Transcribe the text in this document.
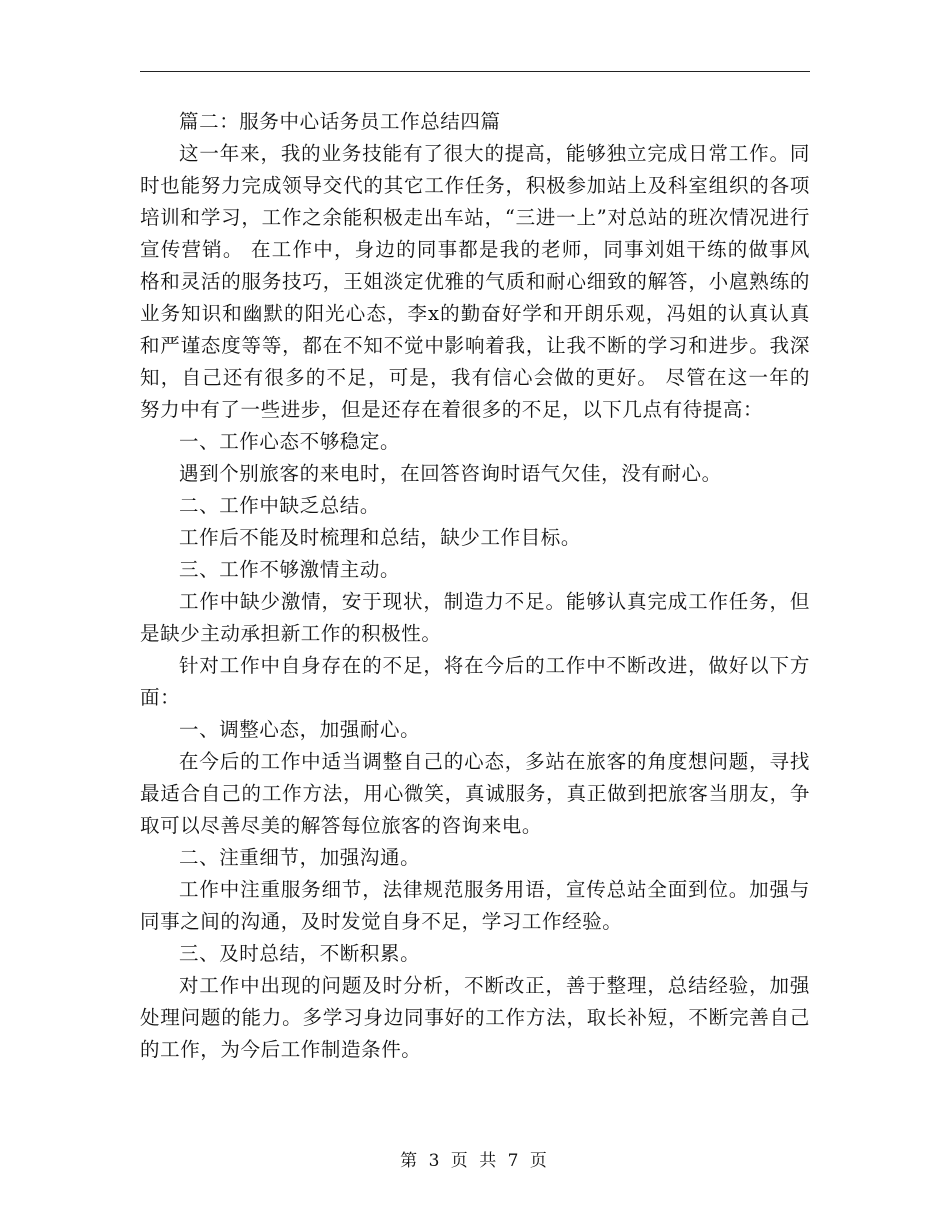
篇二：服务中心话务员工作总结四篇

这一年来，我的业务技能有了很大的提高，能够独立完成日常工作。同时也能努力完成领导交代的其它工作任务，积极参加站上及科室组织的各项培训和学习，工作之余能积极走出车站，“三进一上”对总站的班次情况进行宣传营销。 在工作中，身边的同事都是我的老师，同事刘姐干练的做事风格和灵活的服务技巧，王姐淡定优雅的气质和耐心细致的解答，小扈熟练的业务知识和幽默的阳光心态，李x的勤奋好学和开朗乐观，冯姐的认真认真和严谨态度等等，都在不知不觉中影响着我，让我不断的学习和进步。我深知，自己还有很多的不足，可是，我有信心会做的更好。 尽管在这一年的努力中有了一些进步，但是还存在着很多的不足，以下几点有待提高：

一、工作心态不够稳定。

遇到个别旅客的来电时，在回答咨询时语气欠佳，没有耐心。

二、工作中缺乏总结。

工作后不能及时梳理和总结，缺少工作目标。

三、工作不够激情主动。

工作中缺少激情，安于现状，制造力不足。能够认真完成工作任务，但是缺少主动承担新工作的积极性。

针对工作中自身存在的不足，将在今后的工作中不断改进，做好以下方面：

一、调整心态，加强耐心。

在今后的工作中适当调整自己的心态，多站在旅客的角度想问题，寻找最适合自己的工作方法，用心微笑，真诚服务，真正做到把旅客当朋友，争取可以尽善尽美的解答每位旅客的咨询来电。

二、注重细节，加强沟通。

工作中注重服务细节，法律规范服务用语，宣传总站全面到位。加强与同事之间的沟通，及时发觉自身不足，学习工作经验。

三、及时总结，不断积累。

对工作中出现的问题及时分析，不断改正，善于整理，总结经验，加强处理问题的能力。多学习身边同事好的工作方法，取长补短，不断完善自己的工作，为今后工作制造条件。

第 3 页 共 7 页
